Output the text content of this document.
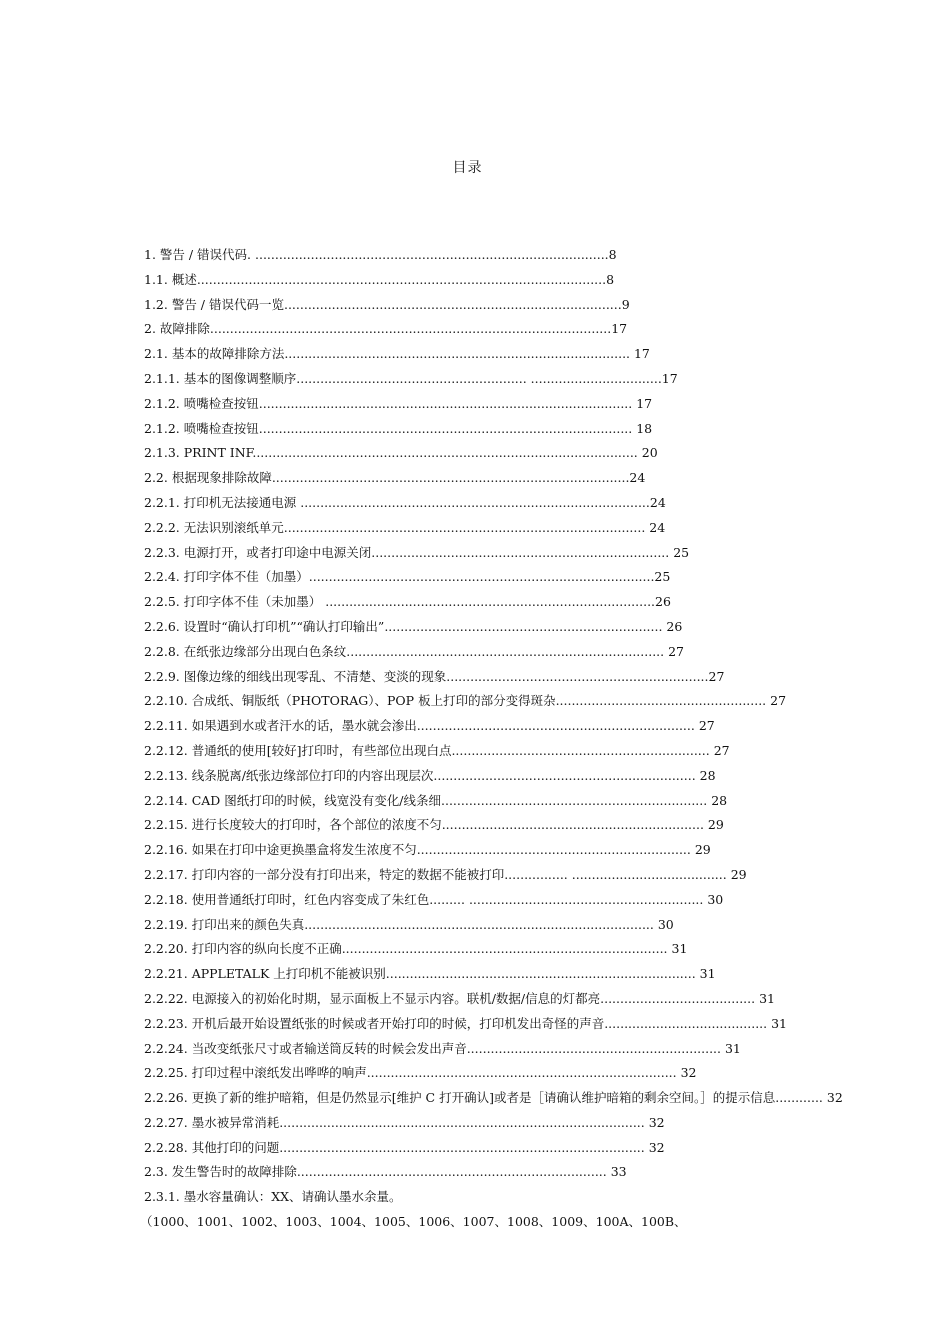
目录
1. 警告 / 错误代码. .........................................................................................8
1.1. 概述.......................................................................................................8
1.2. 警告 / 错误代码一览.....................................................................................9
2. 故障排除.....................................................................................................17
2.1. 基本的故障排除方法....................................................................................... 17
2.1.1. 基本的图像调整顺序.......................................................... .................................17
2.1.2. 喷嘴检查按钮.............................................................................................. 17
2.1.2. 喷嘴检查按钮.............................................................................................. 18
2.1.3. PRINT INF................................................................................................. 20
2.2. 根据现象排除故障..........................................................................................24
2.2.1. 打印机无法接通电源 ........................................................................................24
2.2.2. 无法识别滚纸单元........................................................................................... 24
2.2.3. 电源打开，或者打印途中电源关闭........................................................................... 25
2.2.4. 打印字体不佳（加墨）.......................................................................................25
2.2.5. 打印字体不佳（未加墨） ...................................................................................26
2.2.6. 设置时“确认打印机”“确认打印输出”...................................................................... 26
2.2.8. 在纸张边缘部分出现白色条纹................................................................................ 27
2.2.9. 图像边缘的细线出现零乱、不清楚、变淡的现象..................................................................27
2.2.10. 合成纸、铜版纸（PHOTORAG）、POP 板上打印的部分变得斑杂..................................................... 27
2.2.11. 如果遇到水或者汗水的话，墨水就会渗出...................................................................... 27
2.2.12. 普通纸的使用[较好]打印时，有些部位出现白点................................................................. 27
2.2.13. 线条脱离/纸张边缘部位打印的内容出现层次.................................................................. 28
2.2.14. CAD 图纸打印的时候，线宽没有变化/线条细................................................................... 28
2.2.15. 进行长度较大的打印时，各个部位的浓度不匀.................................................................. 29
2.2.16. 如果在打印中途更换墨盒将发生浓度不匀..................................................................... 29
2.2.17. 打印内容的一部分没有打印出来，特定的数据不能被打印................ ....................................... 29
2.2.18. 使用普通纸打印时，红色内容变成了朱红色......... ........................................................... 30
2.2.19. 打印出来的颜色失真........................................................................................ 30
2.2.20. 打印内容的纵向长度不正确.................................................................................. 31
2.2.21. APPLETALK 上打印机不能被识别.............................................................................. 31
2.2.22. 电源接入的初始化时期，显示面板上不显示内容。联机/数据/信息的灯都亮....................................... 31
2.2.23. 开机后最开始设置纸张的时候或者开始打印的时候，打印机发出奇怪的声音......................................... 31
2.2.24. 当改变纸张尺寸或者输送筒反转的时候会发出声音................................................................ 31
2.2.25. 打印过程中滚纸发出哗哗的响声.............................................................................. 32
2.2.26. 更换了新的维护暗箱，但是仍然显示[维护 C 打开确认]或者是［请确认维护暗箱的剩余空间。］的提示信息............ 32
2.2.27. 墨水被异常消耗............................................................................................ 32
2.2.28. 其他打印的问题............................................................................................ 32
2.3. 发生警告时的故障排除.............................................................................. 33
2.3.1. 墨水容量确认：XX、请确认墨水余量。
（1000、1001、1002、1003、1004、1005、1006、1007、1008、1009、100A、100B、
